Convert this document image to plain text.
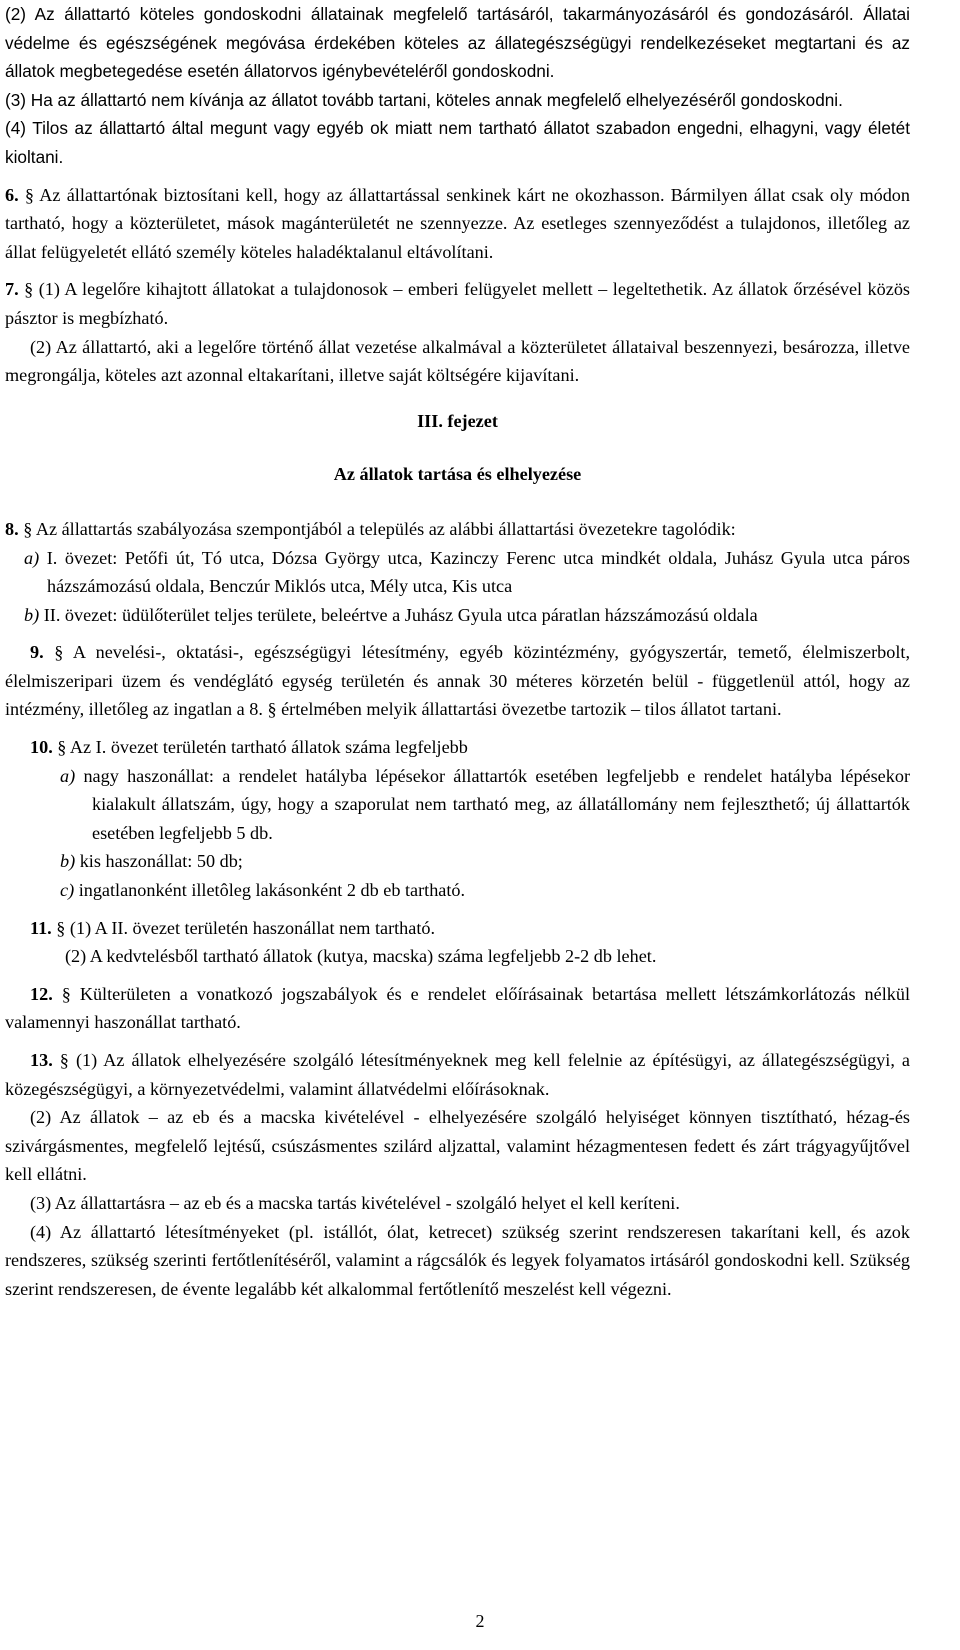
(2) Az állattartó köteles gondoskodni állatainak megfelelő tartásáról, takarmányozásáról és gondozásáról. Állatai védelme és egészségének megóvása érdekében köteles az állategészségügyi rendelkezéseket megtartani és az állatok megbetegedése esetén állatorvos igénybevételéről gondoskodni.

(3) Ha az állattartó nem kívánja az állatot tovább tartani, köteles annak megfelelő elhelyezéséről gondoskodni.

(4) Tilos az állattartó által megunt vagy egyéb ok miatt nem tartható állatot szabadon engedni, elhagyni, vagy életét kioltani.

6. § Az állattartónak biztosítani kell, hogy az állattartással senkinek kárt ne okozhasson. Bármilyen állat csak oly módon tartható, hogy a közterületet, mások magánterületét ne szennyezze. Az esetleges szennyeződést a tulajdonos, illetőleg az állat felügyeletét ellátó személy köteles haladéktalanul eltávolítani.

7. § (1) A legelőre kihajtott állatokat a tulajdonosok – emberi felügyelet mellett – legeltethetik. Az állatok őrzésével közös pásztor is megbízható.

(2) Az állattartó, aki a legelőre történő állat vezetése alkalmával a közterületet állataival beszennyezi, besározza, illetve megrongálja, köteles azt azonnal eltakarítani, illetve saját költségére kijavítani.

III. fejezet

Az állatok tartása és elhelyezése

8. § Az állattartás szabályozása szempontjából a település az alábbi állattartási övezetekre tagolódik:

a) I. övezet: Petőfi út, Tó utca, Dózsa György utca, Kazinczy Ferenc utca mindkét oldala, Juhász Gyula utca páros házszámozású oldala, Benczúr Miklós utca, Mély utca, Kis utca

b) II. övezet: üdülőterület teljes területe, beleértve a Juhász Gyula utca páratlan házszámozású oldala

9. § A nevelési-, oktatási-, egészségügyi létesítmény, egyéb közintézmény, gyógyszertár, temető, élelmiszerbolt, élelmiszeripari üzem és vendéglátó egység területén és annak 30 méteres körzetén belül - függetlenül attól, hogy az intézmény, illetőleg az ingatlan a 8. § értelmében melyik állattartási övezetbe tartozik – tilos állatot tartani.

10. § Az I. övezet területén tartható állatok száma legfeljebb

a) nagy haszonállat: a rendelet hatályba lépésekor állattartók esetében legfeljebb e rendelet hatályba lépésekor kialakult állatszám, úgy, hogy a szaporulat nem tartható meg, az állatállomány nem fejleszthető; új állattartók esetében legfeljebb 5 db.

b) kis haszonállat: 50 db;

c) ingatlanonként illetôleg lakásonként 2 db eb tartható.

11. § (1) A II. övezet területén haszonállat nem tartható.

(2) A kedvtelésből tartható állatok (kutya, macska) száma legfeljebb 2-2 db lehet.

12. § Külterületen a vonatkozó jogszabályok és e rendelet előírásainak betartása mellett létszámkorlátozás nélkül valamennyi haszonállat tartható.

13. § (1) Az állatok elhelyezésére szolgáló létesítményeknek meg kell felelnie az építésügyi, az állategészségügyi, a közegészségügyi, a környezetvédelmi, valamint állatvédelmi előírásoknak.

(2) Az állatok – az eb és a macska kivételével - elhelyezésére szolgáló helyiséget könnyen tisztítható, hézag-és szivárgásmentes, megfelelő lejtésű, csúszásmentes szilárd aljzattal, valamint hézagmentesen fedett és zárt trágyagyűjtővel kell ellátni.

(3) Az állattartásra – az eb és a macska tartás kivételével - szolgáló helyet el kell keríteni.

(4) Az állattartó létesítményeket (pl. istállót, ólat, ketrecet) szükség szerint rendszeresen takarítani kell, és azok rendszeres, szükség szerinti fertőtlenítéséről, valamint a rágcsálók és legyek folyamatos irtásáról gondoskodni kell. Szükség szerint rendszeresen, de évente legalább két alkalommal fertőtlenítő meszelést kell végezni.

2
